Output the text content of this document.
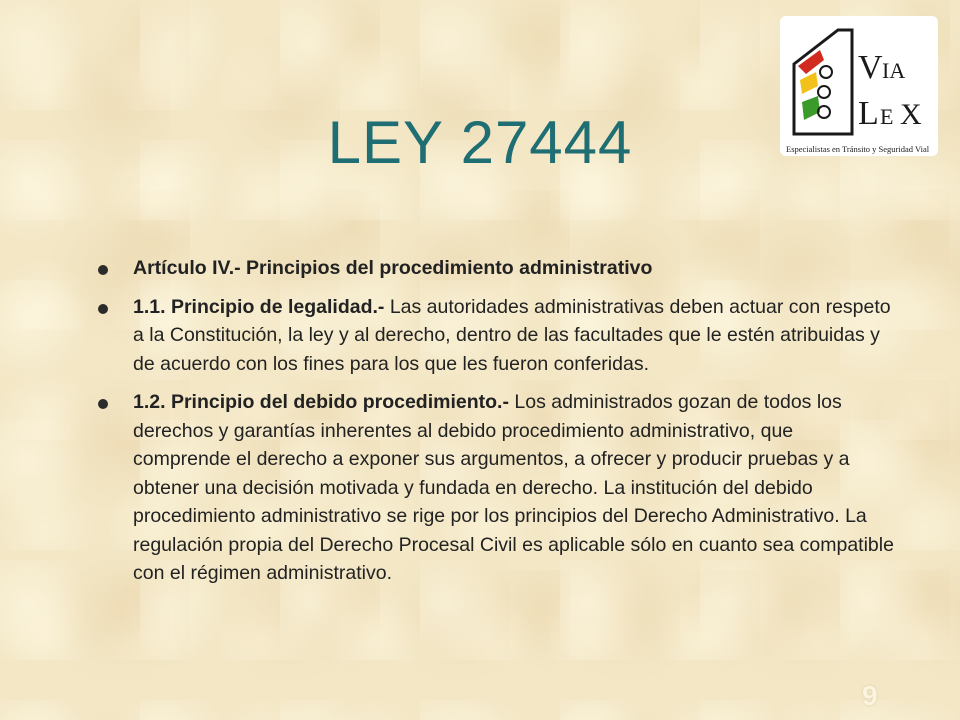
V IA
L E X
Especialistas en Tránsito y Seguridad Vial
LEY 27444
Artículo IV.- Principios del procedimiento administrativo
1.1. Principio de legalidad.- Las autoridades administrativas deben actuar con respeto a la Constitución, la ley y al derecho, dentro de las facultades que le estén atribuidas y de acuerdo con los fines para los que les fueron conferidas.
1.2. Principio del debido procedimiento.- Los administrados gozan de todos los derechos y garantías inherentes al debido procedimiento administrativo, que comprende el derecho a exponer sus argumentos, a ofrecer y producir pruebas y a obtener una decisión motivada y fundada en derecho. La institución del debido procedimiento administrativo se rige por los principios del Derecho Administrativo. La regulación propia del Derecho Procesal Civil es aplicable sólo en cuanto sea compatible con el régimen administrativo.
9
